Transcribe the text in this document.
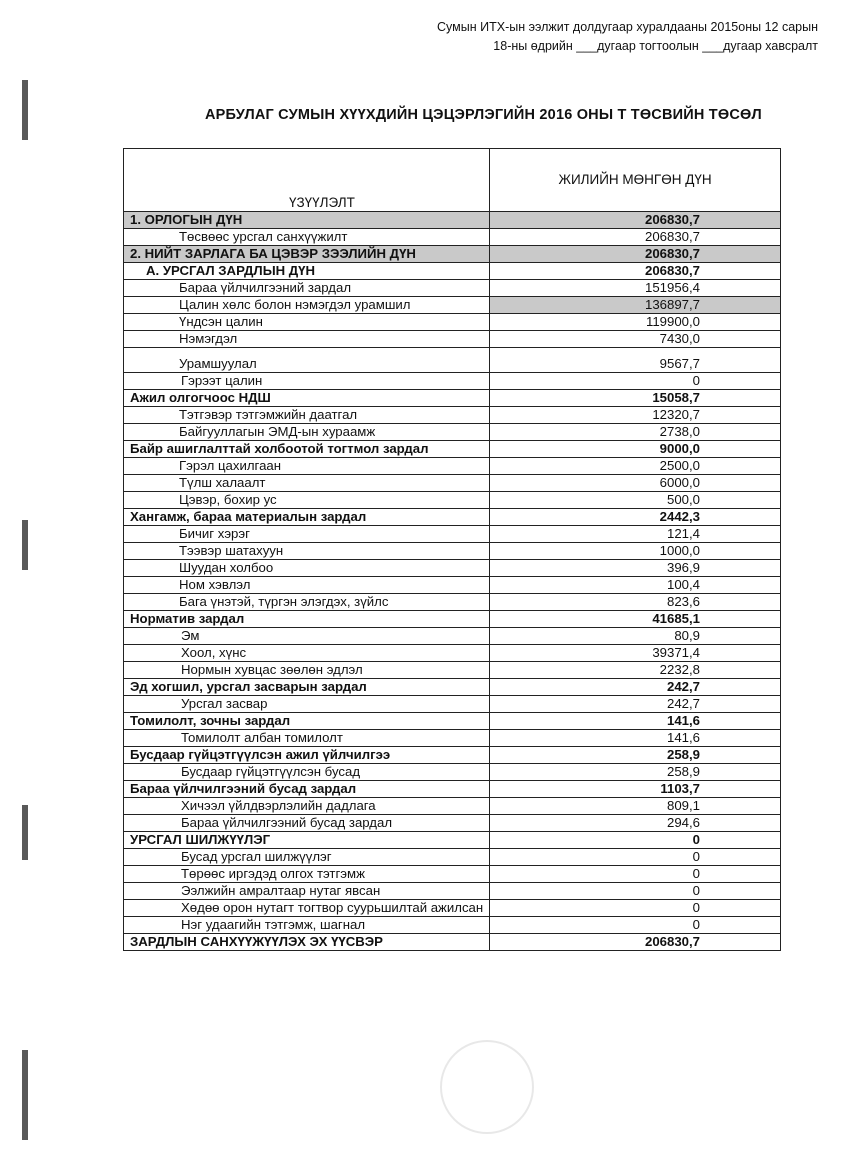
Сумын ИТХ-ын ээлжит долдугаар хуралдааны 2015оны 12 сарын
18-ны өдрийн ___дугаар тогтоолын ___дугаар хавсралт
АРБУЛАГ СУМЫН ХҮҮХДИЙН ЦЭЦЭРЛЭГИЙН 2016 ОНЫ Т ТӨСВИЙН ТӨСӨЛ
ҮЗҮҮЛЭЛТ	ЖИЛИЙН МӨНГӨН ДҮН
1. ОРЛОГЫН ДҮН	206830,7
Төсвөөс урсгал санхүүжилт	206830,7
2. НИЙТ ЗАРЛАГА БА ЦЭВЭР ЗЭЭЛИЙН ДҮН	206830,7
А. УРСГАЛ ЗАРДЛЫН ДҮН	206830,7
Бараа үйлчилгээний зардал	151956,4
Цалин хөлс болон нэмэгдэл урамшил	136897,7
Үндсэн цалин	119900,0
Нэмэгдэл	7430,0
Урамшуулал	9567,7
Гэрээт цалин	0
Ажил олгогчоос НДШ	15058,7
Тэтгэвэр тэтгэмжийн даатгал	12320,7
Байгууллагын ЭМД-ын хураамж	2738,0
Байр ашиглалттай холбоотой тогтмол зардал	9000,0
Гэрэл цахилгаан	2500,0
Түлш халаалт	6000,0
Цэвэр, бохир ус	500,0
Хангамж, бараа материалын зардал	2442,3
Бичиг хэрэг	121,4
Тээвэр шатахуун	1000,0
Шуудан холбоо	396,9
Ном хэвлэл	100,4
Бага үнэтэй, түргэн элэгдэх, зүйлс	823,6
Норматив зардал	41685,1
Эм	80,9
Хоол, хүнс	39371,4
Нормын хувцас зөөлөн эдлэл	2232,8
Эд хогшил, урсгал засварын зардал	242,7
Урсгал засвар	242,7
Томилолт, зочны зардал	141,6
Томилолт албан томилолт	141,6
Бусдаар гүйцэтгүүлсэн ажил үйлчилгээ	258,9
Бусдаар гүйцэтгүүлсэн бусад	258,9
Бараа үйлчилгээний бусад зардал	1103,7
Хичээл үйлдвэрлэлийн дадлага	809,1
Бараа үйлчилгээний бусад зардал	294,6
УРСГАЛ ШИЛЖҮҮЛЭГ	0
Бусад урсгал шилжүүлэг	0
Төрөөс иргэдэд олгох тэтгэмж	0
Ээлжийн амралтаар нутаг явсан	0
Хөдөө орон нутагт тогтвор суурьшилтай ажилсан	0
Нэг удаагийн тэтгэмж, шагнал	0
ЗАРДЛЫН САНХҮҮЖҮҮЛЭХ ЭХ ҮҮСВЭР	206830,7
